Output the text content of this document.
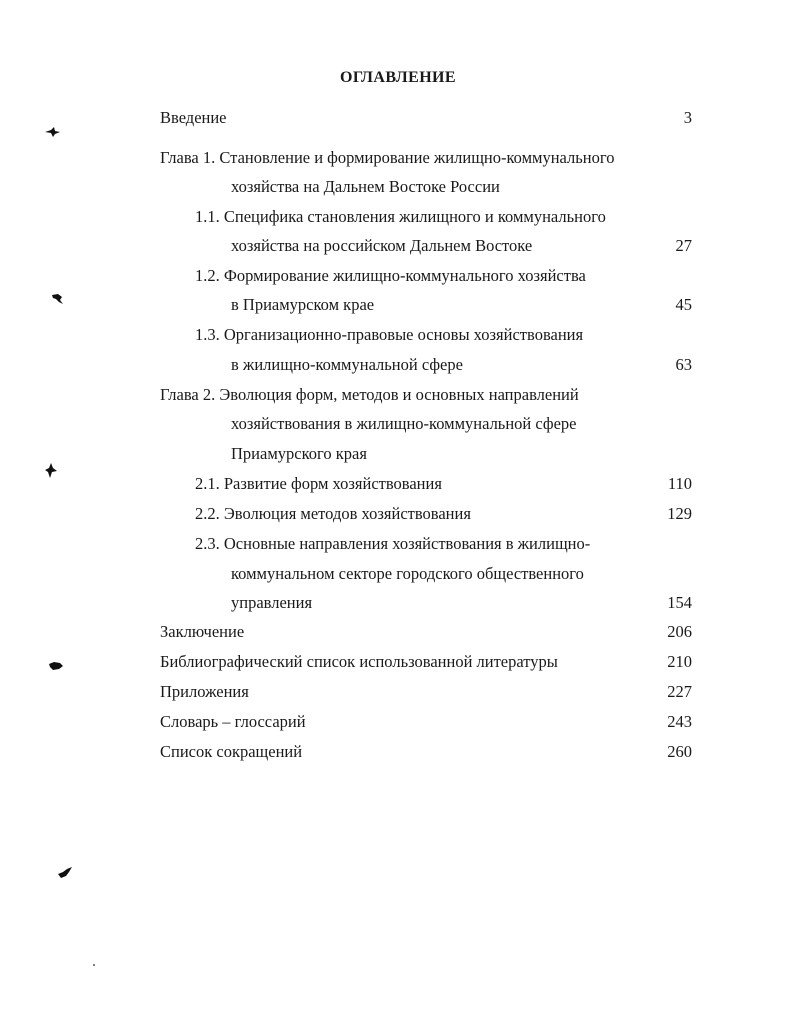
ОГЛАВЛЕНИЕ
Введение	3
Глава 1. Становление и формирование жилищно-коммунального
хозяйства на Дальнем Востоке России
1.1. Специфика становления жилищного и коммунального
хозяйства на российском Дальнем Востоке	27
1.2. Формирование жилищно-коммунального хозяйства
в Приамурском крае	45
1.3. Организационно-правовые основы хозяйствования
в жилищно-коммунальной сфере	63
Глава 2. Эволюция форм, методов и основных направлений
хозяйствования в жилищно-коммунальной сфере
Приамурского края
2.1. Развитие форм хозяйствования	110
2.2. Эволюция методов хозяйствования	129
2.3. Основные направления хозяйствования в жилищно-
коммунальном секторе городского общественного
управления	154
Заключение	206
Библиографический список использованной литературы	210
Приложения	227
Словарь – глоссарий	243
Список сокращений	260
